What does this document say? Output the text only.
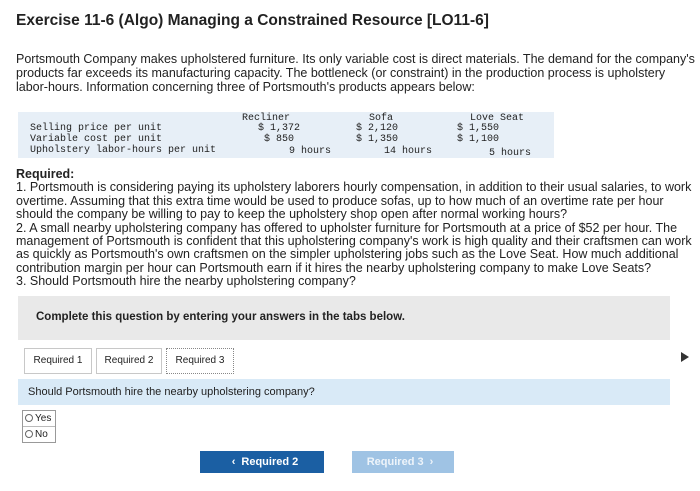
Exercise 11-6 (Algo) Managing a Constrained Resource [LO11-6]
Portsmouth Company makes upholstered furniture. Its only variable cost is direct materials. The demand for the company's products far exceeds its manufacturing capacity. The bottleneck (or constraint) in the production process is upholstery labor-hours. Information concerning three of Portsmouth's products appears below:
Recliner	Sofa	Love Seat
Selling price per unit	$ 1,372	$ 2,120	$ 1,550
Variable cost per unit	$ 850	$ 1,350	$ 1,100
Upholstery labor-hours per unit	9 hours	14 hours	5 hours
Required:
1. Portsmouth is considering paying its upholstery laborers hourly compensation, in addition to their usual salaries, to work overtime. Assuming that this extra time would be used to produce sofas, up to how much of an overtime rate per hour should the company be willing to pay to keep the upholstery shop open after normal working hours?
2. A small nearby upholstering company has offered to upholster furniture for Portsmouth at a price of $52 per hour. The management of Portsmouth is confident that this upholstering company's work is high quality and their craftsmen can work as quickly as Portsmouth's own craftsmen on the simpler upholstering jobs such as the Love Seat. How much additional contribution margin per hour can Portsmouth earn if it hires the nearby upholstering company to make Love Seats?
3. Should Portsmouth hire the nearby upholstering company?
Complete this question by entering your answers in the tabs below.
Required 1	Required 2	Required 3
Should Portsmouth hire the nearby upholstering company?
Yes
No
‹ Required 2	Required 3 ›
